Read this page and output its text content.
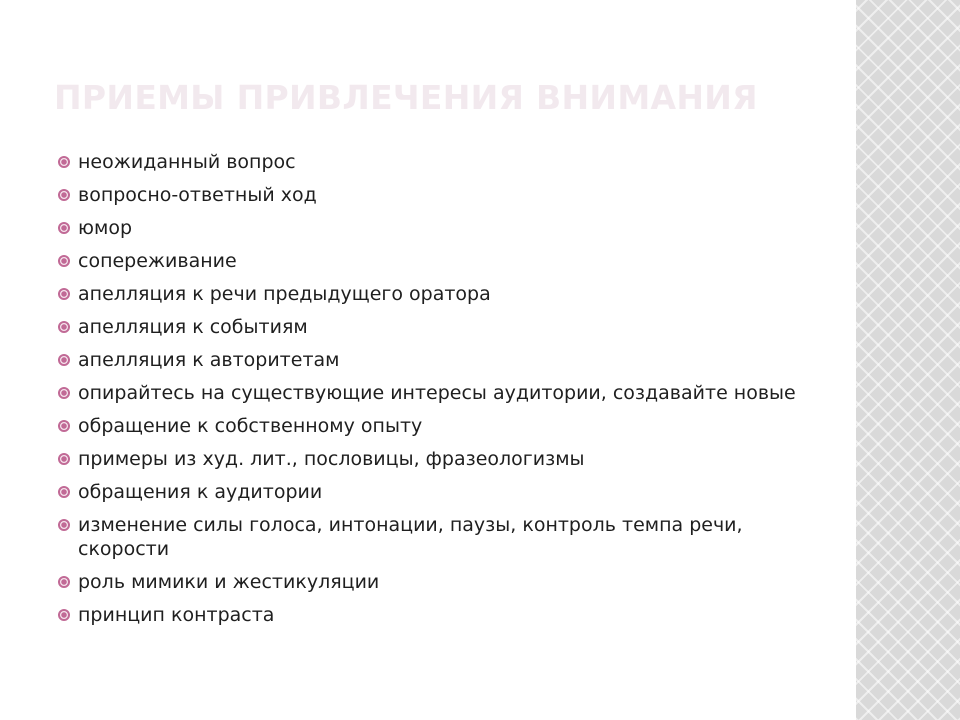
ПРИЕМЫ ПРИВЛЕЧЕНИЯ ВНИМАНИЯ
неожиданный вопрос
вопросно-ответный ход
юмор
сопереживание
апелляция к речи предыдущего оратора
апелляция к событиям
апелляция к авторитетам
опирайтесь на существующие интересы аудитории, создавайте новые
обращение к собственному опыту
примеры из худ. лит., пословицы, фразеологизмы
обращения к аудитории
изменение силы голоса, интонации, паузы, контроль темпа речи, скорости
роль мимики и жестикуляции
принцип контраста
